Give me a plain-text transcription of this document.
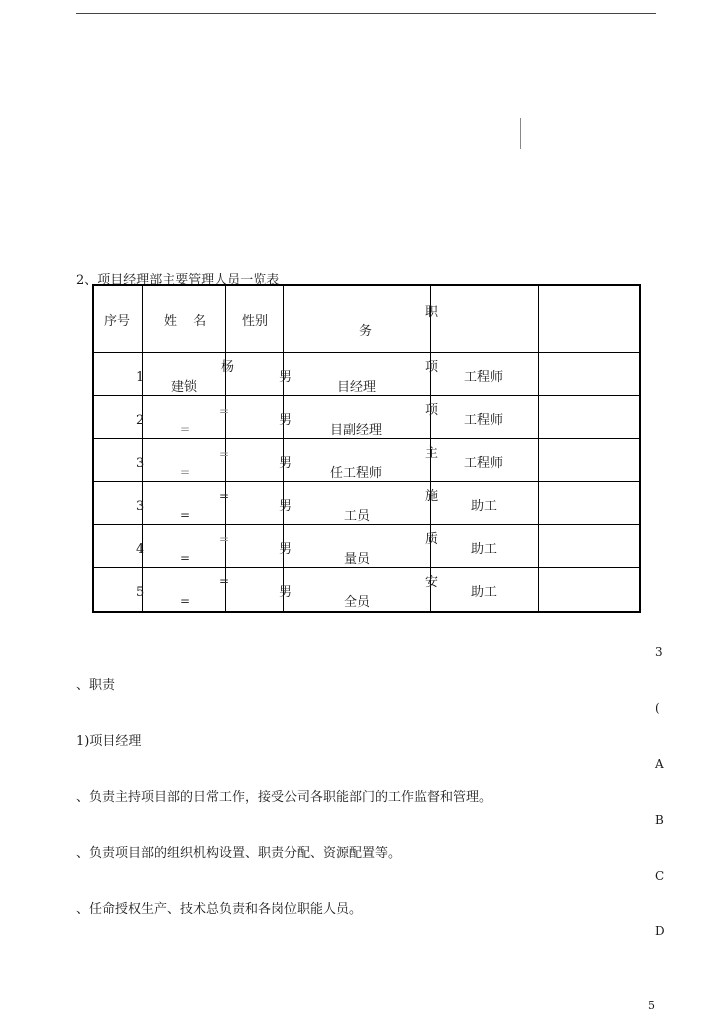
2、项目经理部主要管理人员一览表
序号	姓 名	性别
职
务
1
杨
建锁
男
项
目经理
工程师
2
=
=
男
项
目副经理
工程师
3
=
=
男
主
任工程师
工程师
3
=
=
男
施
工员
助工
4
=
=
男
质
量员
助工
5
=
=
男
安
全员
助工
、职责
1)项目经理
、负责主持项目部的日常工作，接受公司各职能部门的工作监督和管理。
、负责项目部的组织机构设置、职责分配、资源配置等。
、任命授权生产、技术总负责和各岗位职能人员。
3
(
A
B
C
D
5
